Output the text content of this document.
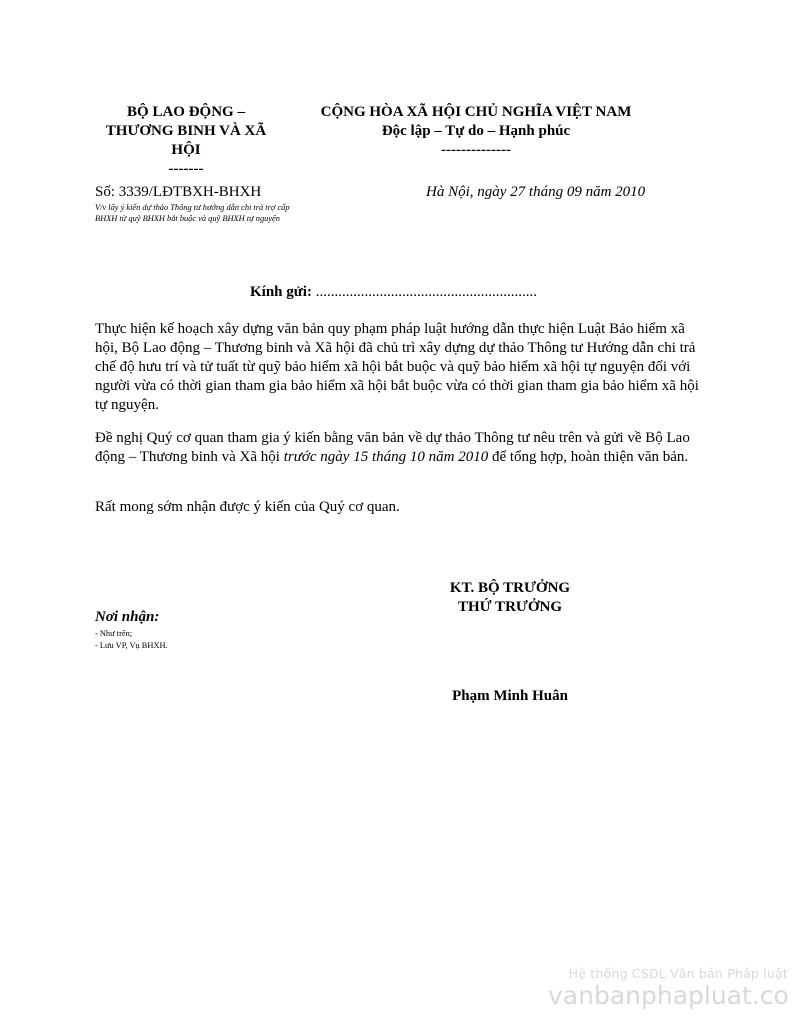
BỘ LAO ĐỘNG –
THƯƠNG BINH VÀ XÃ
HỘI
-------
CỘNG HÒA XÃ HỘI CHỦ NGHĨA VIỆT NAM
Độc lập – Tự do – Hạnh phúc
--------------
Số: 3339/LĐTBXH-BHXH
V/v lấy ý kiến dự thảo Thông tư hướng dẫn chi trả trợ cấp BHXH từ quỹ BHXH bắt buộc và quỹ BHXH tự nguyện
Hà Nội, ngày 27 tháng 09 năm 2010
Kính gửi: ...........................................................
Thực hiện kế hoạch xây dựng văn bản quy phạm pháp luật hướng dẫn thực hiện Luật Bảo hiểm xã hội, Bộ Lao động – Thương binh và Xã hội đã chủ trì xây dựng dự thảo Thông tư Hướng dẫn chi trả chế độ hưu trí và tử tuất từ quỹ bảo hiểm xã hội bắt buộc và quỹ bảo hiểm xã hội tự nguyện đối với người vừa có thời gian tham gia bảo hiểm xã hội bắt buộc vừa có thời gian tham gia bảo hiểm xã hội tự nguyện.
Đề nghị Quý cơ quan tham gia ý kiến bằng văn bản về dự thảo Thông tư nêu trên và gửi về Bộ Lao động – Thương binh và Xã hội trước ngày 15 tháng 10 năm 2010 để tổng hợp, hoàn thiện văn bản.
Rất mong sớm nhận được ý kiến của Quý cơ quan.
KT. BỘ TRƯỞNG
THỨ TRƯỞNG
Phạm Minh Huân
Nơi nhận:
- Như trên;
- Lưu VP, Vụ BHXH.
Hệ thống CSDL Văn bản Pháp luật
vanbanphapluat.co
